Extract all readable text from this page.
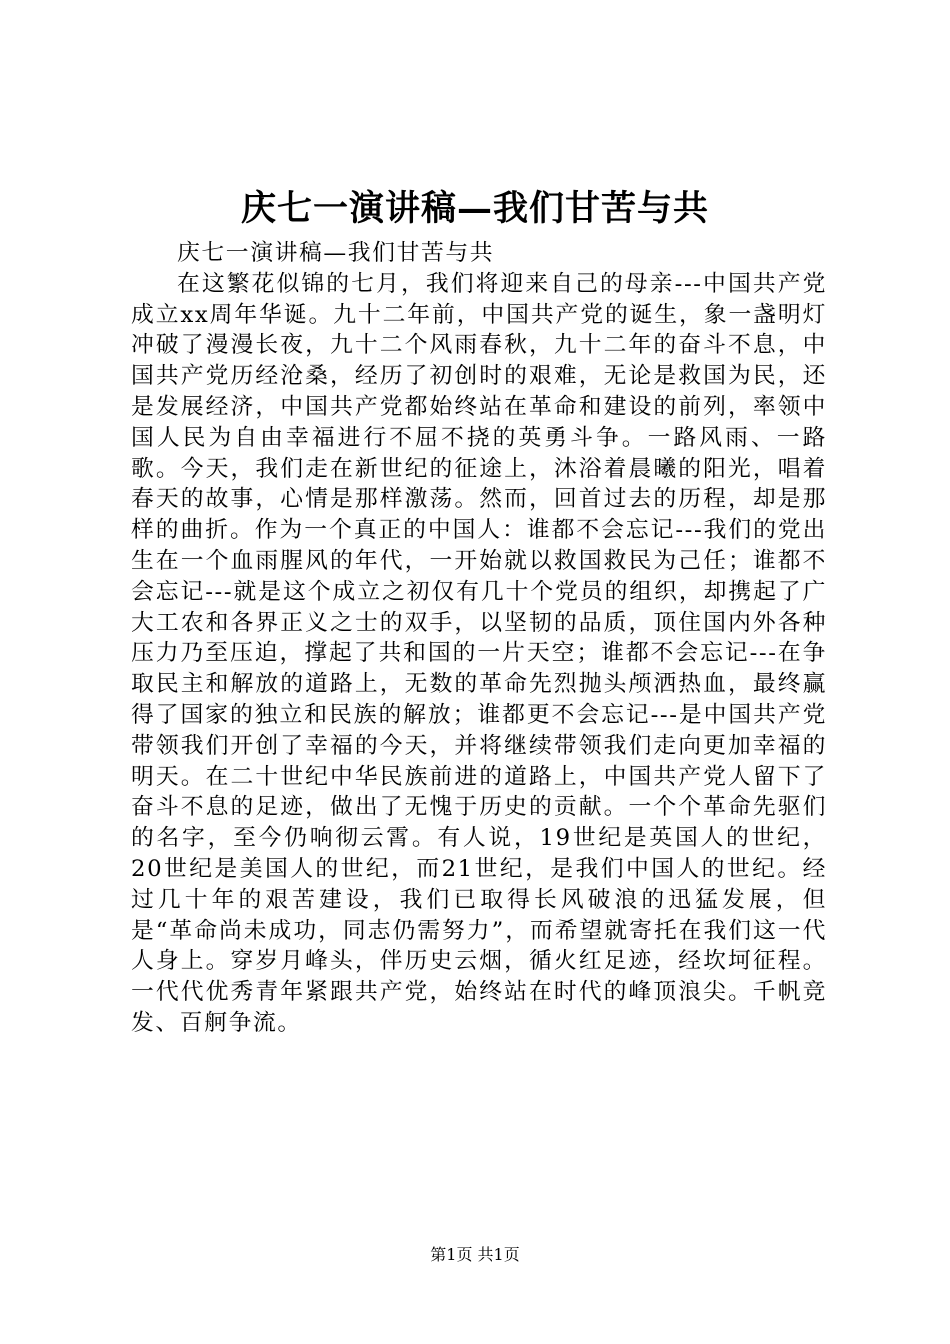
庆七一演讲稿—我们甘苦与共
庆七一演讲稿—我们甘苦与共

在这繁花似锦的七月，我们将迎来自己的母亲---中国共产党成立xx周年华诞。九十二年前，中国共产党的诞生，象一盏明灯冲破了漫漫长夜，九十二个风雨春秋，九十二年的奋斗不息，中国共产党历经沧桑，经历了初创时的艰难，无论是救国为民，还是发展经济，中国共产党都始终站在革命和建设的前列，率领中国人民为自由幸福进行不屈不挠的英勇斗争。一路风雨、一路歌。今天，我们走在新世纪的征途上，沐浴着晨曦的阳光，唱着春天的故事，心情是那样激荡。然而，回首过去的历程，却是那样的曲折。作为一个真正的中国人：谁都不会忘记---我们的党出生在一个血雨腥风的年代，一开始就以救国救民为己任；谁都不会忘记---就是这个成立之初仅有几十个党员的组织，却携起了广大工农和各界正义之士的双手，以坚韧的品质，顶住国内外各种压力乃至压迫，撑起了共和国的一片天空；谁都不会忘记---在争取民主和解放的道路上，无数的革命先烈抛头颅洒热血，最终赢得了国家的独立和民族的解放；谁都更不会忘记---是中国共产党带领我们开创了幸福的今天，并将继续带领我们走向更加幸福的明天。在二十世纪中华民族前进的道路上，中国共产党人留下了奋斗不息的足迹，做出了无愧于历史的贡献。一个个革命先驱们的名字，至今仍响彻云霄。有人说，19世纪是英国人的世纪，20世纪是美国人的世纪，而21世纪，是我们中国人的世纪。经过几十年的艰苦建设，我们已取得长风破浪的迅猛发展，但是“革命尚未成功，同志仍需努力”，而希望就寄托在我们这一代人身上。穿岁月峰头，伴历史云烟，循火红足迹，经坎坷征程。一代代优秀青年紧跟共产党，始终站在时代的峰顶浪尖。千帆竞发、百舸争流。

第1页 共1页
